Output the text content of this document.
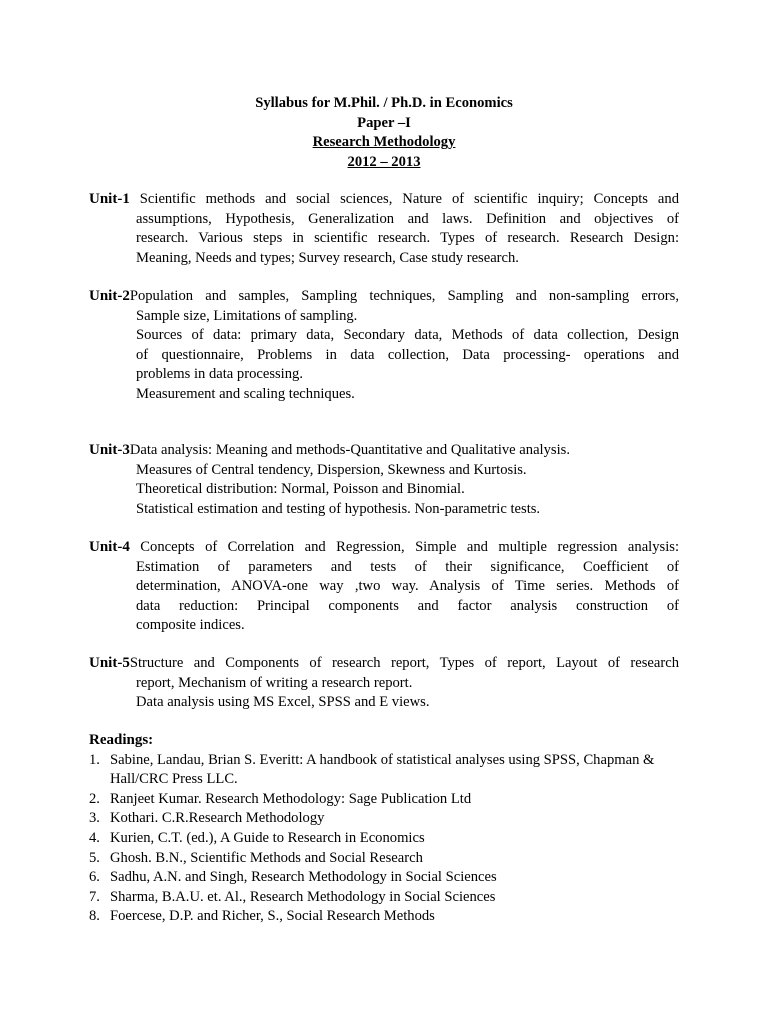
Syllabus for M.Phil. / Ph.D. in Economics
Paper –I
Research Methodology
2012 – 2013
Unit-1 Scientific methods and social sciences, Nature of scientific inquiry; Concepts and
assumptions, Hypothesis, Generalization and laws. Definition and objectives of
research. Various steps in scientific research. Types of research. Research Design:
Meaning, Needs and types; Survey research, Case study research.
Unit-2Population and samples, Sampling techniques, Sampling and non-sampling errors,
Sample size, Limitations of sampling.
Sources of data: primary data, Secondary data, Methods of data collection, Design
of questionnaire, Problems in data collection, Data processing- operations and
problems in data processing.
Measurement and scaling techniques.
Unit-3Data analysis: Meaning and methods-Quantitative and Qualitative analysis.
Measures of Central tendency, Dispersion, Skewness and Kurtosis.
Theoretical distribution: Normal, Poisson and Binomial.
Statistical estimation and testing of hypothesis. Non-parametric tests.
Unit-4 Concepts of Correlation and Regression, Simple and multiple regression analysis:
Estimation of parameters and tests of their significance, Coefficient of
determination, ANOVA-one way ,two way. Analysis of Time series. Methods of
data reduction: Principal components and factor analysis construction of
composite indices.
Unit-5Structure and Components of research report, Types of report, Layout of research
report, Mechanism of writing a research report.
Data analysis using MS Excel, SPSS and E views.
Readings:
1. Sabine, Landau, Brian S. Everitt: A handbook of statistical analyses using SPSS, Chapman & Hall/CRC Press LLC.
2. Ranjeet Kumar. Research Methodology: Sage Publication Ltd
3. Kothari. C.R.Research Methodology
4. Kurien, C.T. (ed.), A Guide to Research in Economics
5. Ghosh. B.N., Scientific Methods and Social Research
6. Sadhu, A.N. and Singh, Research Methodology in Social Sciences
7. Sharma, B.A.U. et. Al., Research Methodology in Social Sciences
8. Foercese, D.P. and Richer, S., Social Research Methods
